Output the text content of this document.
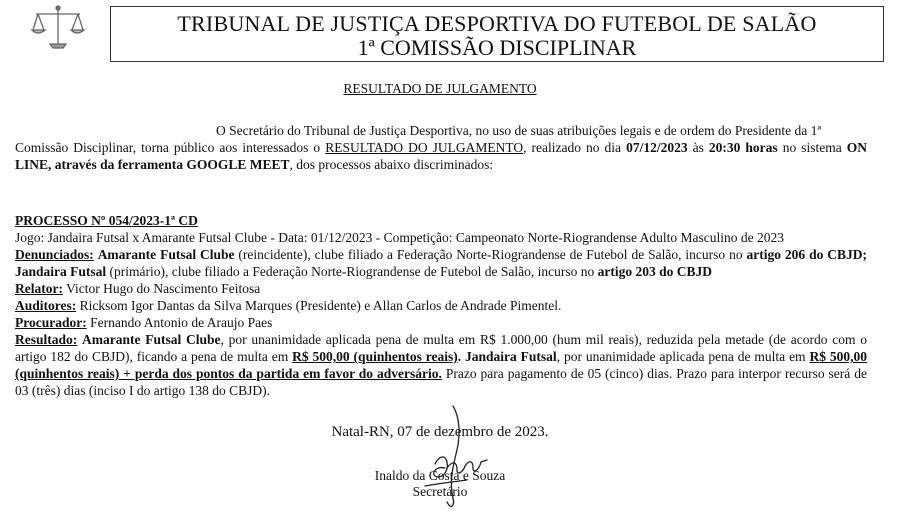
TRIBUNAL DE JUSTIÇA DESPORTIVA DO FUTEBOL DE SALÃO
1ª COMISSÃO DISCIPLINAR
RESULTADO DE JULGAMENTO
O Secretário do Tribunal de Justiça Desportiva, no uso de suas atribuições legais e de ordem do Presidente da 1ª
Comissão Disciplinar, torna público aos interessados o RESULTADO DO JULGAMENTO, realizado no dia 07/12/2023 às 20:30 horas no sistema ON LINE, através da ferramenta GOOGLE MEET, dos processos abaixo discriminados:

PROCESSO Nº 054/2023-1ª CD

Jogo: Jandaira Futsal x Amarante Futsal Clube - Data: 01/12/2023 - Competição: Campeonato Norte-Riograndense Adulto Masculino de 2023

Denunciados: Amarante Futsal Clube (reincidente), clube filiado a Federação Norte-Riograndense de Futebol de Salão, incurso no artigo 206 do CBJD; Jandaira Futsal (primário), clube filiado a Federação Norte-Riograndense de Futebol de Salão, incurso no artigo 203 do CBJD

Relator: Victor Hugo do Nascimento Feitosa

Auditores: Ricksom Igor Dantas da Silva Marques (Presidente) e Allan Carlos de Andrade Pimentel.

Procurador: Fernando Antonio de Araujo Paes

Resultado: Amarante Futsal Clube, por unanimidade aplicada pena de multa em R$ 1.000,00 (hum mil reais), reduzida pela metade (de acordo com o artigo 182 do CBJD), ficando a pena de multa em R$ 500,00 (quinhentos reais). Jandaira Futsal, por unanimidade aplicada pena de multa em R$ 500,00 (quinhentos reais) + perda dos pontos da partida em favor do adversário. Prazo para pagamento de 05 (cinco) dias. Prazo para interpor recurso será de 03 (três) dias (inciso I do artigo 138 do CBJD).

Natal-RN, 07 de dezembro de 2023.
Inaldo da Costa e Souza
Secretário
